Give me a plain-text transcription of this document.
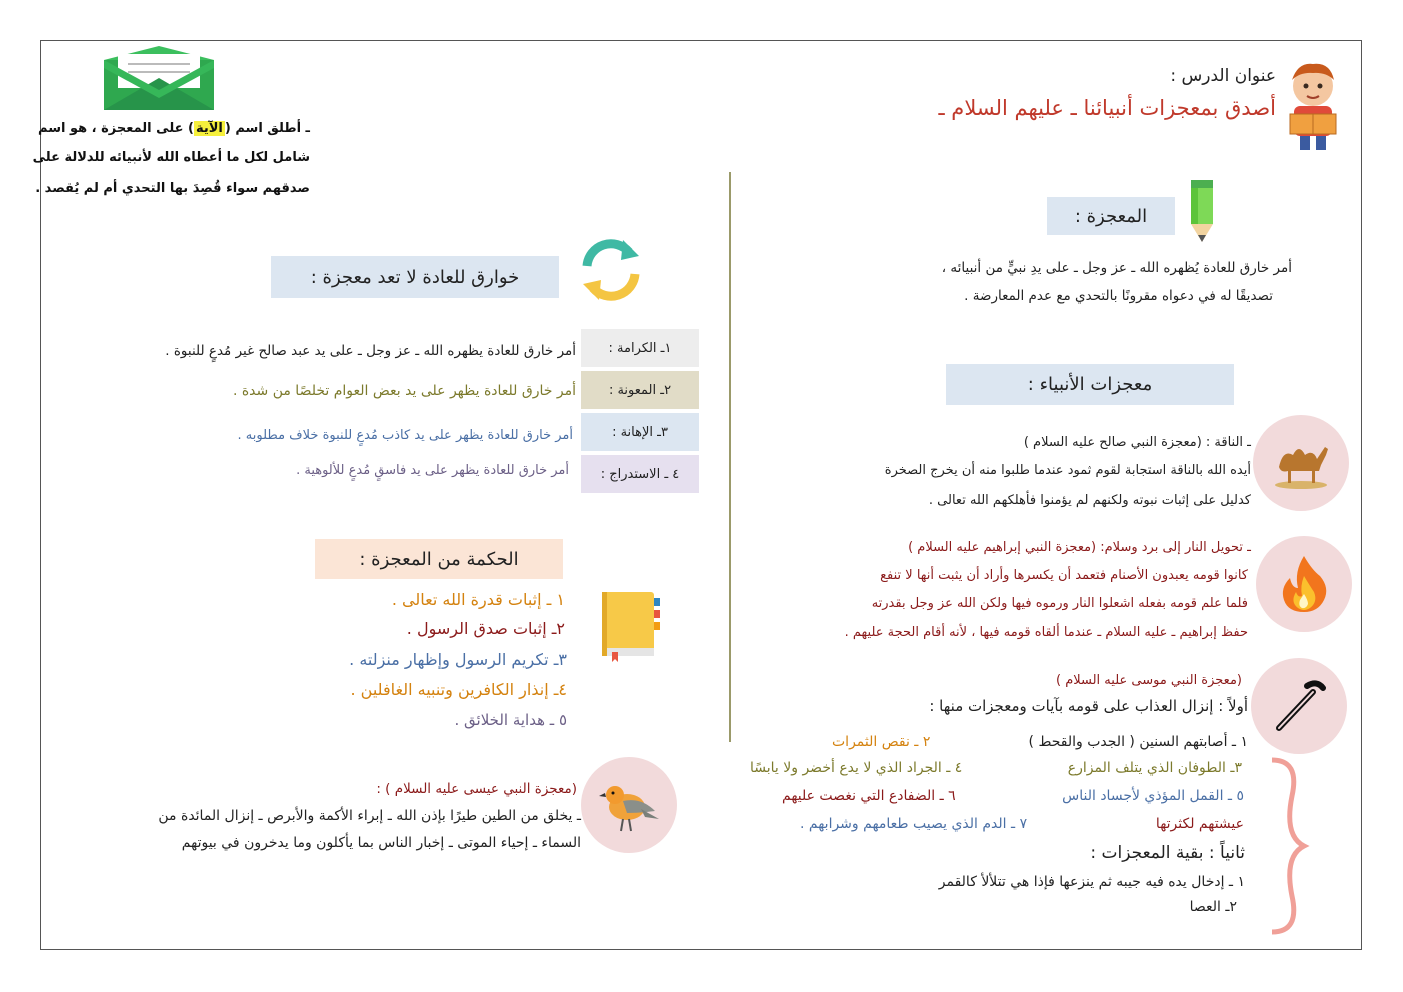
عنوان الدرس :
أصدق بمعجزات أنبيائنا ـ عليهم السلام ـ
ـ أطلق اسم (الآية) على المعجزة ، هو اسم
شامل لكل ما أعطاه الله لأنبيائه للدلالة على
صدقهم سواء قُصِدَ بها التحدي أم لم يُقصد .
المعجزة :
أمر خارق للعادة يُظهره الله ـ عز وجل ـ على يدِ نبيٍّ من أنبيائه ،
تصديقًا له في دعواه مقرونًا بالتحدي مع عدم المعارضة .
معجزات الأنبياء :
ـ الناقة : (معجزة النبي صالح عليه السلام )
أيده الله بالناقة استجابة لقوم ثمود عندما طلبوا منه أن يخرج الصخرة
كدليل على إثبات نبوته ولكنهم لم يؤمنوا فأهلكهم الله تعالى .
ـ تحويل النار إلى برد وسلام: (معجزة النبي إبراهيم عليه السلام )
كانوا قومه يعبدون الأصنام فتعمد أن يكسرها وأراد أن يثبت أنها لا تنفع
فلما علم قومه بفعله اشعلوا النار ورموه فيها ولكن الله عز وجل بقدرته
حفظ إبراهيم ـ عليه السلام ـ عندما ألقاه قومه فيها ، لأنه أقام الحجة عليهم .
(معجزة النبي موسى عليه السلام )
أولاً : إنزال العذاب على قومه بآيات ومعجزات منها :
١ ـ أصابتهم السنين ( الجدب والقحط )
٢ ـ نقص الثمرات
٣ـ الطوفان الذي يتلف المزارع
٤ ـ الجراد الذي لا يدع أخضر ولا يابسًا
٥ ـ القمل المؤذي لأجساد الناس
٦ ـ الضفادع التي نغصت عليهم
عيشتهم لكثرتها
٧ ـ الدم الذي يصيب طعامهم وشرابهم .
ثانياً : بقية المعجزات :
١ ـ إدخال يده فيه جيبه ثم ينزعها فإذا هي تتلألأ كالقمر
٢ـ العصا
خوارق للعادة لا تعد معجزة :
١ـ الكرامة :
أمر خارق للعادة يظهره الله ـ عز وجل ـ على يد عبد صالح غير مُدعٍ للنبوة .
٢ـ المعونة :
أمر خارق للعادة يظهر على يد بعض العوام تخلصًا من شدة .
٣ـ الإهانة :
أمر خارق للعادة يظهر على يد كاذب مُدعٍ للنبوة خلاف مطلوبه .
٤ ـ الاستدراج :
أمر خارق للعادة يظهر على يد فاسقٍ مُدعٍ للألوهية .
الحكمة من المعجزة :
١ ـ إثبات قدرة الله تعالى .
٢ـ إثبات صدق الرسول .
٣ـ تكريم الرسول وإظهار منزلته .
٤ـ إنذار الكافرين وتنبيه الغافلين .
٥ ـ هداية الخلائق .
(معجزة النبي عيسى عليه السلام ) :
ـ يخلق من الطين طيرًا بإذن الله ـ إبراء الأكمة والأبرص ـ إنزال المائدة من
السماء ـ إحياء الموتى ـ إخبار الناس بما يأكلون وما يدخرون في بيوتهم
